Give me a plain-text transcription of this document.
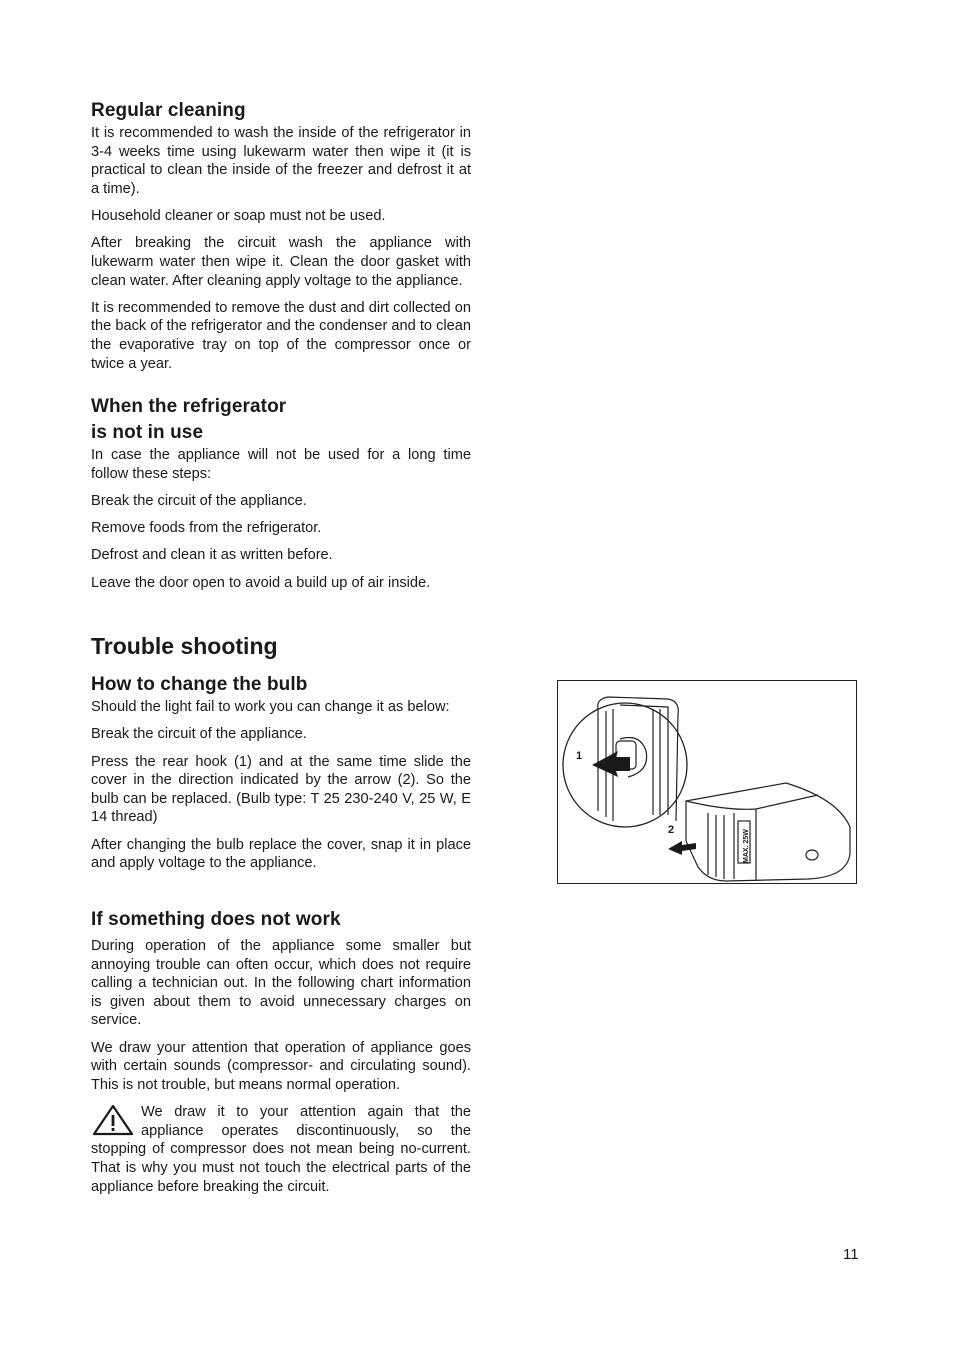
Regular cleaning

It is recommended to wash the inside of the refrigerator in 3-4 weeks time using lukewarm water then wipe it (it is practical to clean the inside of the freezer and defrost it at a time).

Household cleaner or soap must not be used.

After breaking the circuit wash the appliance with lukewarm water then wipe it. Clean the door gasket with clean water. After cleaning apply voltage to the appliance.

It is recommended to remove the dust and dirt collected on the back of the refrigerator and the condenser and to clean the evaporative tray on top of the compressor once or twice a year.

When the refrigerator
is not in use

In case the appliance will not be used for a long time follow these steps:

Break the circuit of the appliance.

Remove foods from the refrigerator.

Defrost and clean it as written before.

Leave the door open to avoid a build up of air inside.

Trouble shooting
How to change the bulb

Should the light fail to work you can change it as below:

Break the circuit of the appliance.

Press the rear hook (1) and at the same time slide the cover in the direction indicated by the arrow (2). So the bulb can be replaced. (Bulb type: T 25 230-240 V, 25 W, E 14 thread)

After changing the bulb replace the cover, snap it in place and apply voltage to the appliance.

If something does not work

During operation of the appliance some smaller but annoying trouble can often occur, which does not require calling a technician out. In the following chart information is given about them to avoid unnecessary charges on service.

We draw your attention that operation of appliance goes with certain sounds (compressor- and circulating sound). This is not trouble, but means normal operation.

We draw it to your attention again that the appliance operates discontinuously, so the stopping of compressor does not mean being no-current. That is why you must not touch the electrical parts of the appliance before breaking the circuit.

1
MAX. 25W
2
11
